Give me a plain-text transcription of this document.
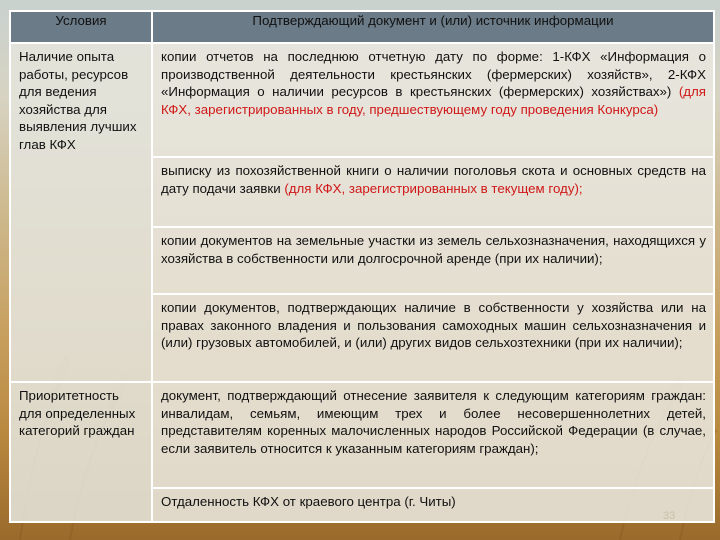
Условия	Подтверждающий документ и (или) источник информации
Наличие опыта работы, ресурсов для ведения хозяйства для выявления лучших глав КФХ	копии отчетов на последнюю отчетную дату по форме: 1-КФХ «Информация о производственной деятельности крестьянских (фермерских) хозяйств», 2-КФХ «Информация о наличии ресурсов в крестьянских (фермерских) хозяйствах») (для КФХ, зарегистрированных в году, предшествующему году проведения Конкурса)
	выписку из похозяйственной книги о наличии поголовья скота и основных средств на дату подачи заявки (для КФХ, зарегистрированных в текущем году);
	копии документов на земельные участки из земель сельхозназначения, находящихся у хозяйства в собственности или долгосрочной аренде (при их наличии);
	копии документов, подтверждающих наличие в собственности у хозяйства или на правах законного владения и пользования самоходных машин сельхозназначения и (или) грузовых автомобилей, и (или) других видов сельхозтехники (при их наличии);
Приоритетность для определенных категорий граждан	документ, подтверждающий отнесение заявителя к следующим категориям граждан: инвалидам, семьям, имеющим трех и более несовершеннолетних детей, представителям коренных малочисленных народов Российской Федерации (в случае, если заявитель относится к указанным категориям граждан);
	Отдаленность КФХ от краевого центра (г. Читы)
33
